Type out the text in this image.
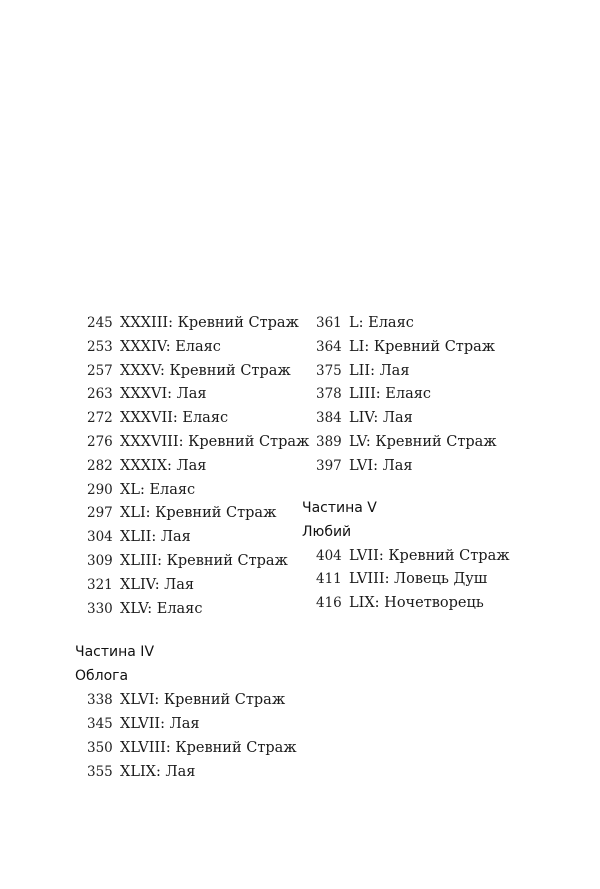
245 XXXIII: Кревний Страж
253 XXXIV: Елаяс
257 XXXV: Кревний Страж
263 XXXVI: Лая
272 XXXVII: Елаяс
276 XXXVIII: Кревний Страж
282 XXXIX: Лая
290 XL: Елаяс
297 XLI: Кревний Страж
304 XLII: Лая
309 XLIII: Кревний Страж
321 XLIV: Лая
330 XLV: Елаяс

Частина IV

Облога

338 XLVI: Кревний Страж
345 XLVII: Лая
350 XLVIII: Кревний Страж
355 XLIX: Лая
361 L: Елаяс
364 LI: Кревний Страж
375 LII: Лая
378 LIII: Елаяс
384 LIV: Лая
389 LV: Кревний Страж
397 LVI: Лая

Частина V

Любий

404 LVII: Кревний Страж
411 LVIII: Ловець Душ
416 LIX: Ночетворець
